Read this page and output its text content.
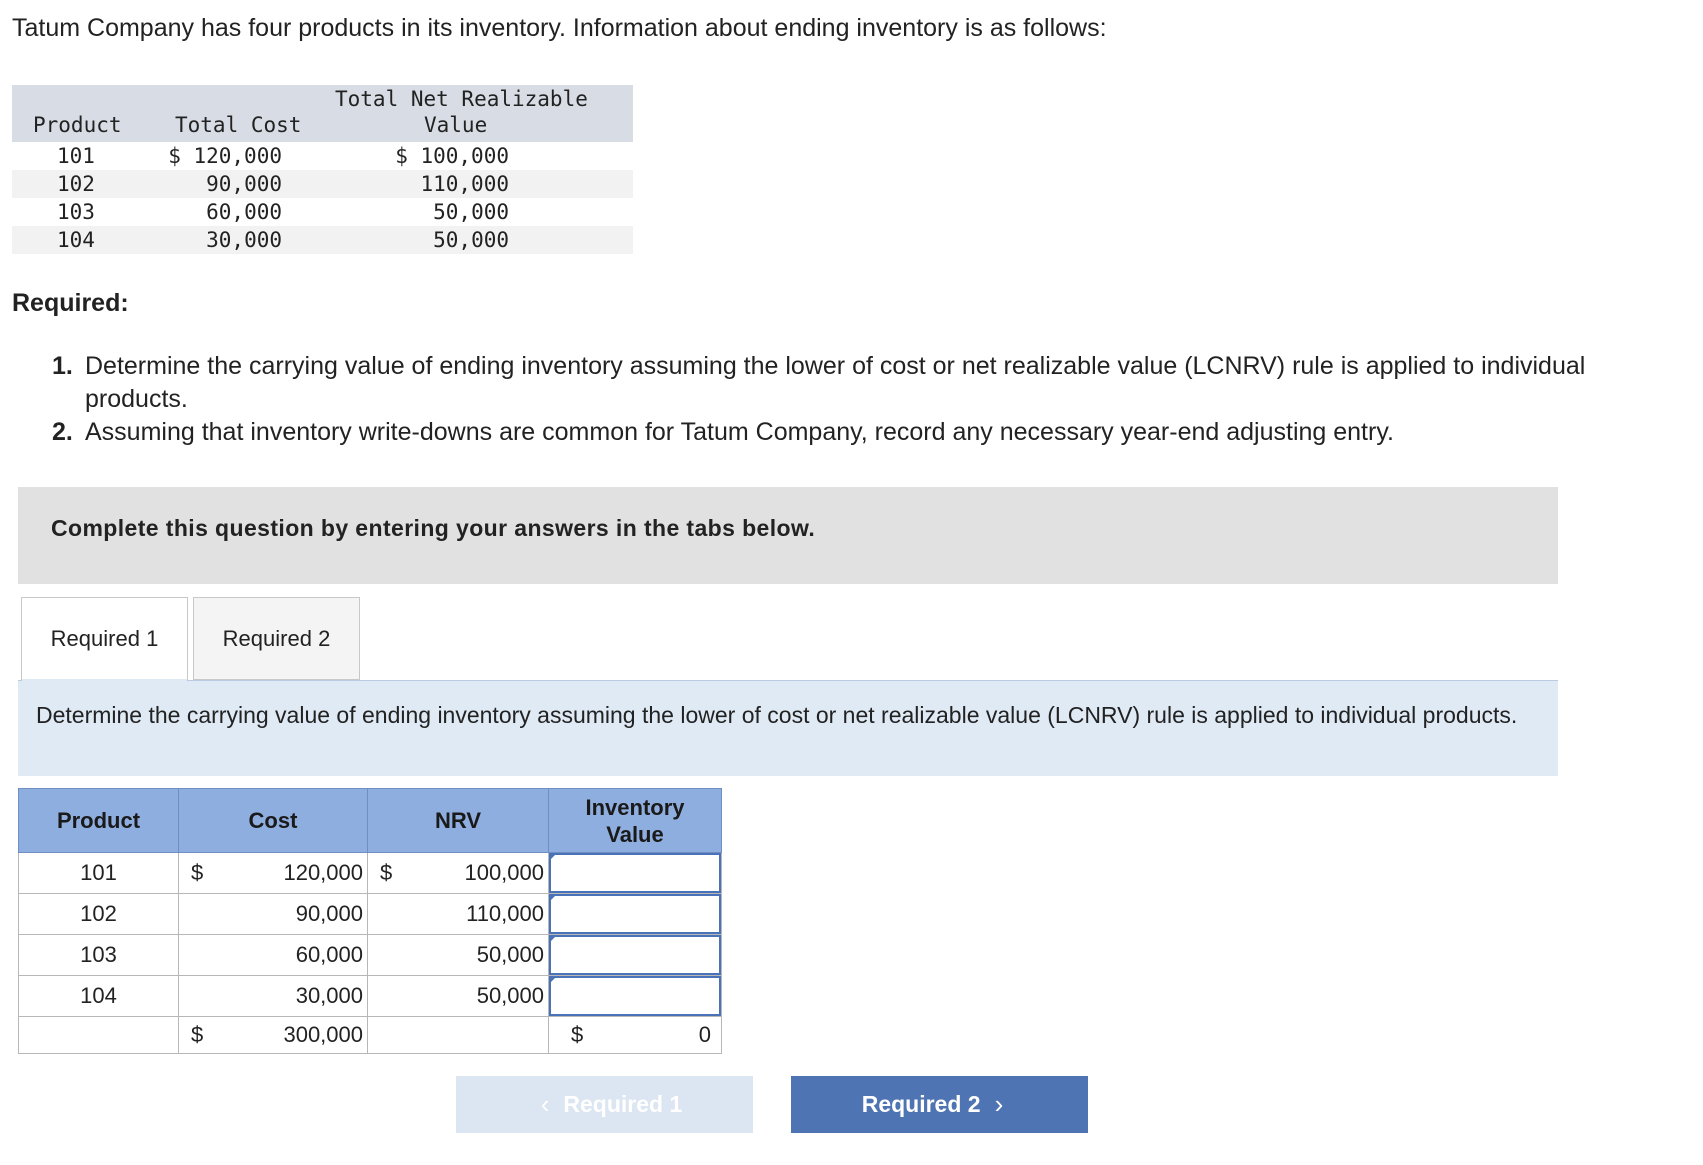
Tatum Company has four products in its inventory. Information about ending inventory is as follows:
Product	Total Cost
Total Net Realizable
Value
101	$ 120,000	$ 100,000
102	90,000	110,000
103	60,000	50,000
104	30,000	50,000
Required:
1. Determine the carrying value of ending inventory assuming the lower of cost or net realizable value (LCNRV) rule is applied to individual products.
2. Assuming that inventory write-downs are common for Tatum Company, record any necessary year-end adjusting entry.
Complete this question by entering your answers in the tabs below.
Required 1	Required 2
Determine the carrying value of ending inventory assuming the lower of cost or net realizable value (LCNRV) rule is applied to individual products.
Product	Cost		NRV		Inventory
Value
101	$	120,000	$	100,000	

102		90,000		110,000	

103		60,000		50,000	

104		30,000		50,000	

	$	300,000			$ 0
‹ Required 1	Required 2 ›
